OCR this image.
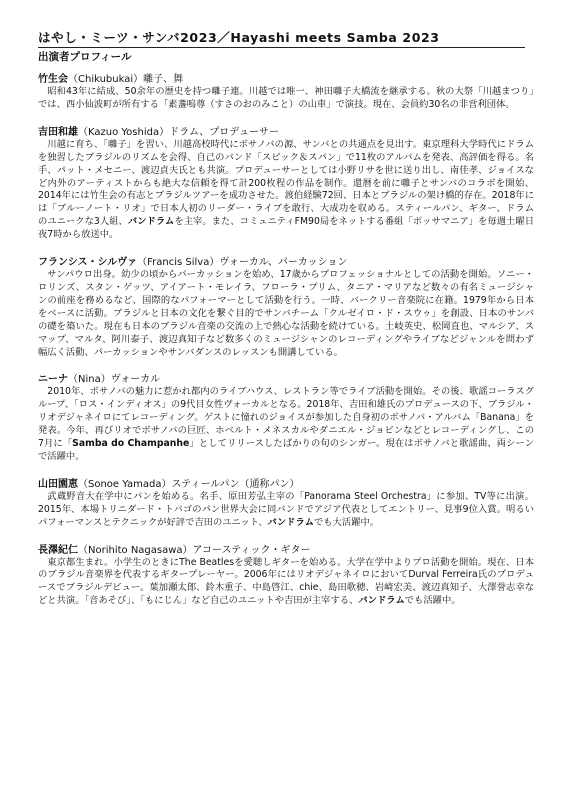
はやし・ミーツ・サンバ2023／Hayashi meets Samba 2023
出演者プロフィール

竹生会（Chikubukai）囃子、舞

昭和43年に結成、50余年の歴史を持つ囃子連。川越では唯一、神田囃子大橋流を継承する。秋の大祭「川越まつり」では、西小仙波町が所有する「素盞嗚尊（すさのおのみこと）の山車」で演技。現在、会員約30名の非営利団体。

吉田和雄（Kazuo Yoshida）ドラム、プロデューサー

川越に育ち、「囃子」を習い、川越高校時代にボサノバの源、サンバとの共通点を見出す。東京理科大学時代にドラムを独習したブラジルのリズムを会得、自己のバンド「スピック＆スパン」で11枚のアルバムを発表、高評価を得る。名手、パット・メセニー、渡辺貞夫氏とも共演。プロデューサーとしては小野リサを世に送り出し、南佳孝、ジョイスなど内外のアーティストからも絶大な信頼を得て計200枚程の作品を制作。還暦を前に囃子とサンバのコラボを開始、2014年には竹生会の有志とブラジルツアーを成功させた。渡伯経験72回、日本とブラジルの架け橋的存在。2018年には「ブルーノート・リオ」で日本人初のリーダー・ライブを敢行、大成功を収める。スティールパン、ギター、ドラムのユニークな3人組、バンドラムを主宰。また、コミュニティFM90局をネットする番組「ボッサマニア」を毎週土曜日夜7時から放送中。

フランシス・シルヴァ（Francis Silva）ヴォーカル、パーカッション

サンパウロ出身。幼少の頃からパーカッションを始め、17歳からプロフェッショナルとしての活動を開始。ソニー・ロリンズ、スタン・ゲッツ、アイアート・モレイラ、フローラ・プリム、タニア・マリアなど数々の有名ミュージシャンの前座を務めるなど、国際的なパフォーマーとして活動を行う。一時、バークリー音楽院に在籍。1979年から日本をベースに活動。ブラジルと日本の文化を繋ぐ目的でサンバチーム「クルゼイロ・ド・スウゥ」を創設、日本のサンバの礎を築いた。現在も日本のブラジル音楽の交流の上で熱心な活動を続けている。土岐英史、松岡直也、マルシア、スマップ、マルタ、阿川泰子、渡辺真知子など数多くのミュージシャンのレコーディングやライブなどジャンルを問わず幅広く活動、パーカッションやサンバダンスのレッスンも開講している。

ニーナ（Nina）ヴォーカル

2010年、ボサノバの魅力に惹かれ都内のライブハウス、レストラン等でライブ活動を開始。その後、歌謡コーラスグループ、「ロス・インディオス」の9代目女性ヴォーカルとなる。2018年、吉田和雄氏のプロデュースの下、ブラジル・リオデジャネイロにてレコーディング。ゲストに憧れのジョイスが参加した自身初のボサノバ・アルバム「Banana」を発表。今年、再びリオでボサノバの巨匠、ホベルト・メネスカルやダニエル・ジョビンなどとレコーディングし、この7月に「Samba do Champanhe」としてリリースしたばかりの旬のシンガー。現在はボサノバと歌謡曲、両シーンで活躍中。

山田園恵（Sonoe Yamada）スティールパン（通称パン）

武蔵野音大在学中にパンを始める。名手、原田芳弘主宰の「Panorama Steel Orchestra」に参加、TV等に出演。2015年、本場トリニダード・トバゴのパン世界大会に同バンドでアジア代表としてエントリー、見事9位入賞。明るいパフォーマンスとテクニックが好評で吉田のユニット、バンドラムでも大活躍中。

長澤紀仁（Norihito Nagasawa）アコースティック・ギター

東京都生まれ。小学生のときにThe Beatlesを愛聴しギターを始める。大学在学中よりプロ活動を開始。現在、日本のブラジル音楽界を代表するギタープレーヤー。2006年にはリオデジャネイロにおいてDurval Ferreira氏のプロデュースでブラジルデビュー。葉加瀬太郎、鈴木重子、中島啓江、chie、島田歌穂、岩崎宏美、渡辺真知子、大澤誉志幸などと共演。「音あそび」、「もにじん」など自己のユニットや吉田が主宰する、バンドラムでも活躍中。
